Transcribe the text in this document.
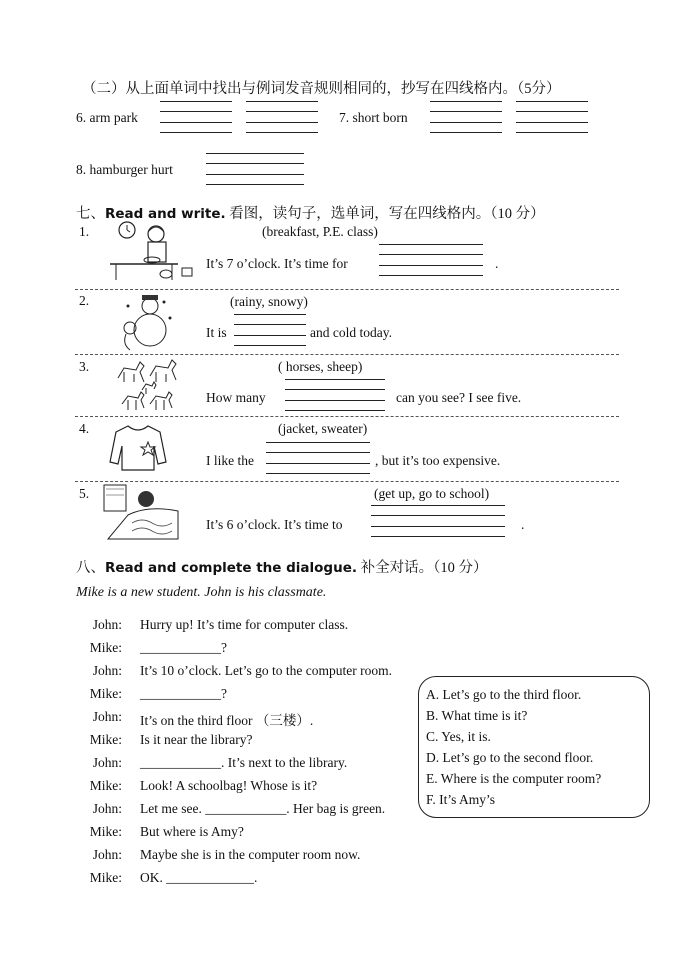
（二）从上面单词中找出与例词发音规则相同的，抄写在四线格内。（5分）
6. arm park	7. short born
8. hamburger hurt
七、Read and write. 看图，读句子，选单词，写在四线格内。（10 分）
1.	(breakfast, P.E. class)
It’s 7 o’clock. It’s time for	.
2.	(rainy, snowy)
It is	and cold today.
3.	( horses, sheep)
How many	can you see? I see five.
4.	(jacket, sweater)
I like the	, but it’s too expensive.
5.	(get up, go to school)
It’s 6 o’clock. It’s time to	.
八、Read and complete the dialogue. 补全对话。（10 分）
Mike is a new student. John is his classmate.
John: Hurry up! It’s time for computer class.
Mike: ____________?
John: It’s 10 o’clock. Let’s go to the computer room.
Mike: ____________?
John: It’s on the third floor （三楼）.
Mike: Is it near the library?
John: ____________. It’s next to the library.
Mike: Look! A schoolbag! Whose is it?
John: Let me see. ____________. Her bag is green.
Mike: But where is Amy?
John: Maybe she is in the computer room now.
Mike: OK. _____________.
A. Let’s go to the third floor.
B. What time is it?
C. Yes, it is.
D. Let’s go to the second floor.
E. Where is the computer room?
F. It’s Amy’s
